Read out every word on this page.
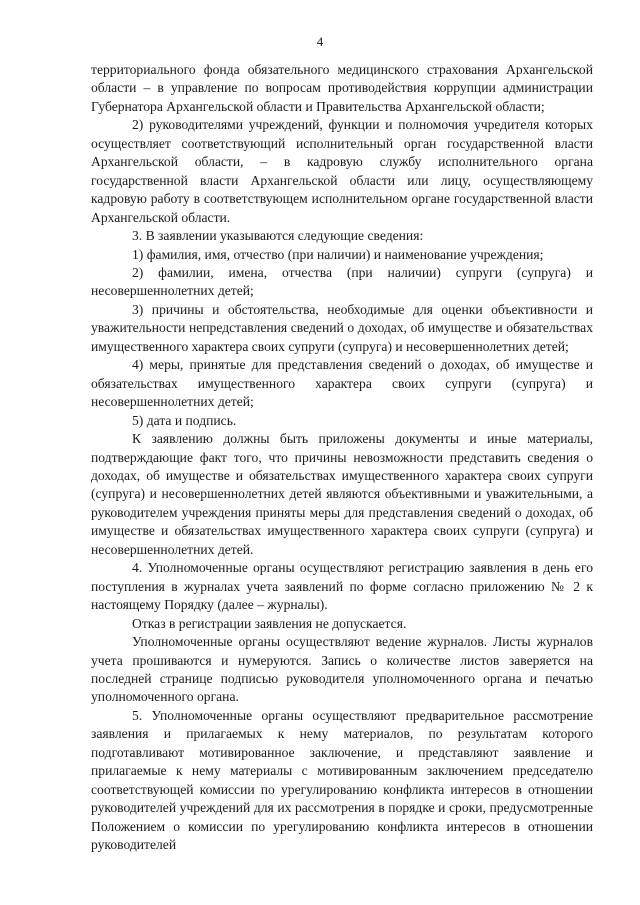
4

территориального фонда обязательного медицинского страхования Архангельской области – в управление по вопросам противодействия коррупции администрации Губернатора Архангельской области и Правительства Архангельской области;

2) руководителями учреждений, функции и полномочия учредителя которых осуществляет соответствующий исполнительный орган государственной власти Архангельской области, – в кадровую службу исполнительного органа государственной власти Архангельской области или лицу, осуществляющему кадровую работу в соответствующем исполнительном органе государственной власти Архангельской области.

3. В заявлении указываются следующие сведения:

1) фамилия, имя, отчество (при наличии) и наименование учреждения;

2) фамилии, имена, отчества (при наличии) супруги (супруга) и несовершеннолетних детей;

3) причины и обстоятельства, необходимые для оценки объективности и уважительности непредставления сведений о доходах, об имуществе и обязательствах имущественного характера своих супруги (супруга) и несовершеннолетних детей;

4) меры, принятые для представления сведений о доходах, об имуществе и обязательствах имущественного характера своих супруги (супруга) и несовершеннолетних детей;

5) дата и подпись.

К заявлению должны быть приложены документы и иные материалы, подтверждающие факт того, что причины невозможности представить сведения о доходах, об имуществе и обязательствах имущественного характера своих супруги (супруга) и несовершеннолетних детей являются объективными и уважительными, а руководителем учреждения приняты меры для представления сведений о доходах, об имуществе и обязательствах имущественного характера своих супруги (супруга) и несовершеннолетних детей.

4. Уполномоченные органы осуществляют регистрацию заявления в день его поступления в журналах учета заявлений по форме согласно приложению № 2 к настоящему Порядку (далее – журналы).

Отказ в регистрации заявления не допускается.

Уполномоченные органы осуществляют ведение журналов. Листы журналов учета прошиваются и нумеруются. Запись о количестве листов заверяется на последней странице подписью руководителя уполномоченного органа и печатью уполномоченного органа.

5. Уполномоченные органы осуществляют предварительное рассмотрение заявления и прилагаемых к нему материалов, по результатам которого подготавливают мотивированное заключение, и представляют заявление и прилагаемые к нему материалы с мотивированным заключением председателю соответствующей комиссии по урегулированию конфликта интересов в отношении руководителей учреждений для их рассмотрения в порядке и сроки, предусмотренные Положением о комиссии по урегулированию конфликта интересов в отношении руководителей
